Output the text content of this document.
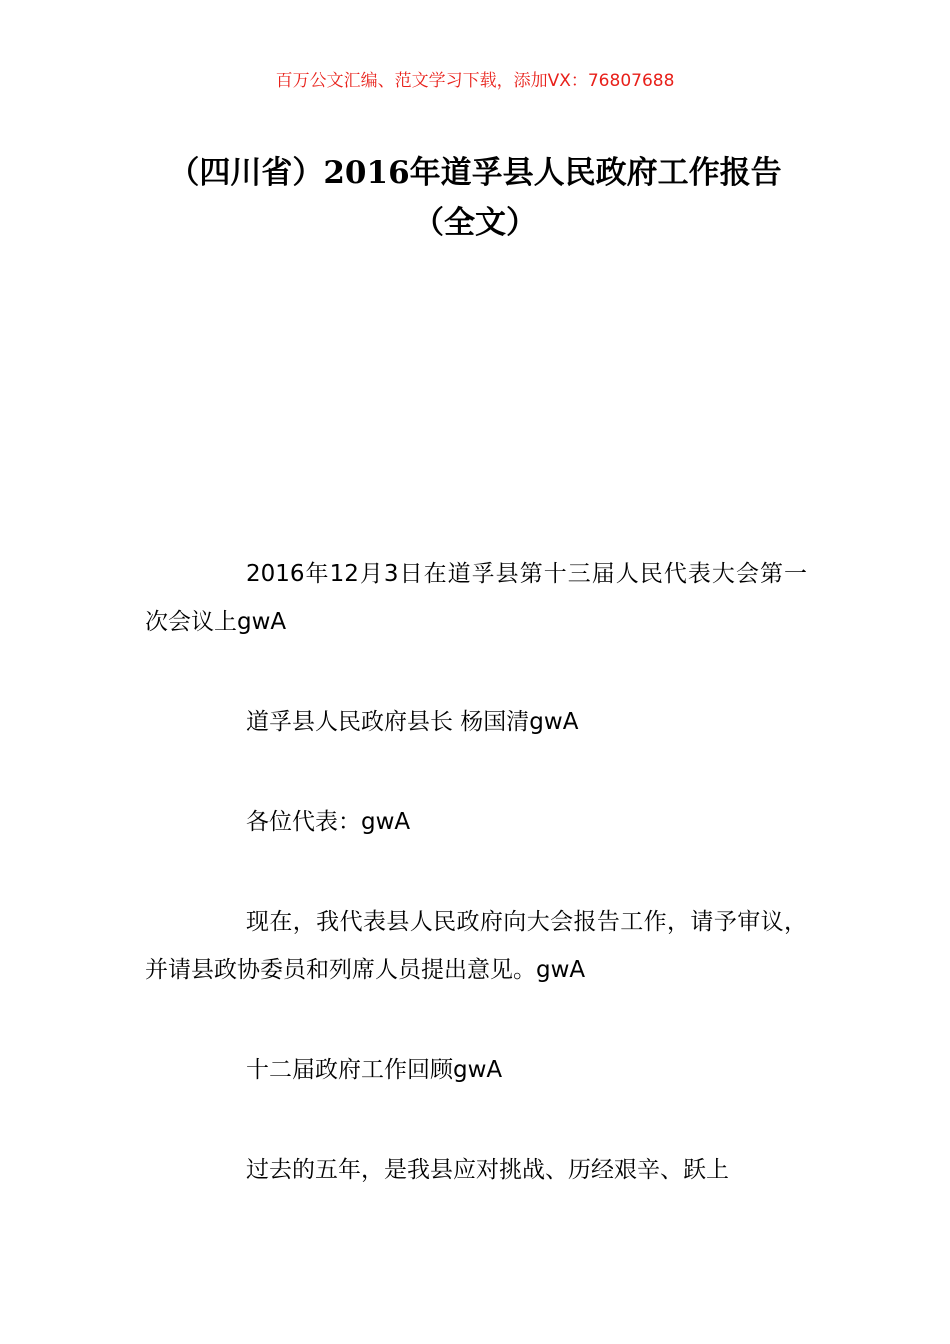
百万公文汇编、范文学习下载，添加VX：76807688
（四川省）2016年道孚县人民政府工作报告（全文）

2016年12月3日在道孚县第十三届人民代表大会第一次会议上gwA

道孚县人民政府县长 杨国清gwA

各位代表：gwA

现在，我代表县人民政府向大会报告工作，请予审议，并请县政协委员和列席人员提出意见。gwA

十二届政府工作回顾gwA

过去的五年，是我县应对挑战、历经艰辛、跃上
